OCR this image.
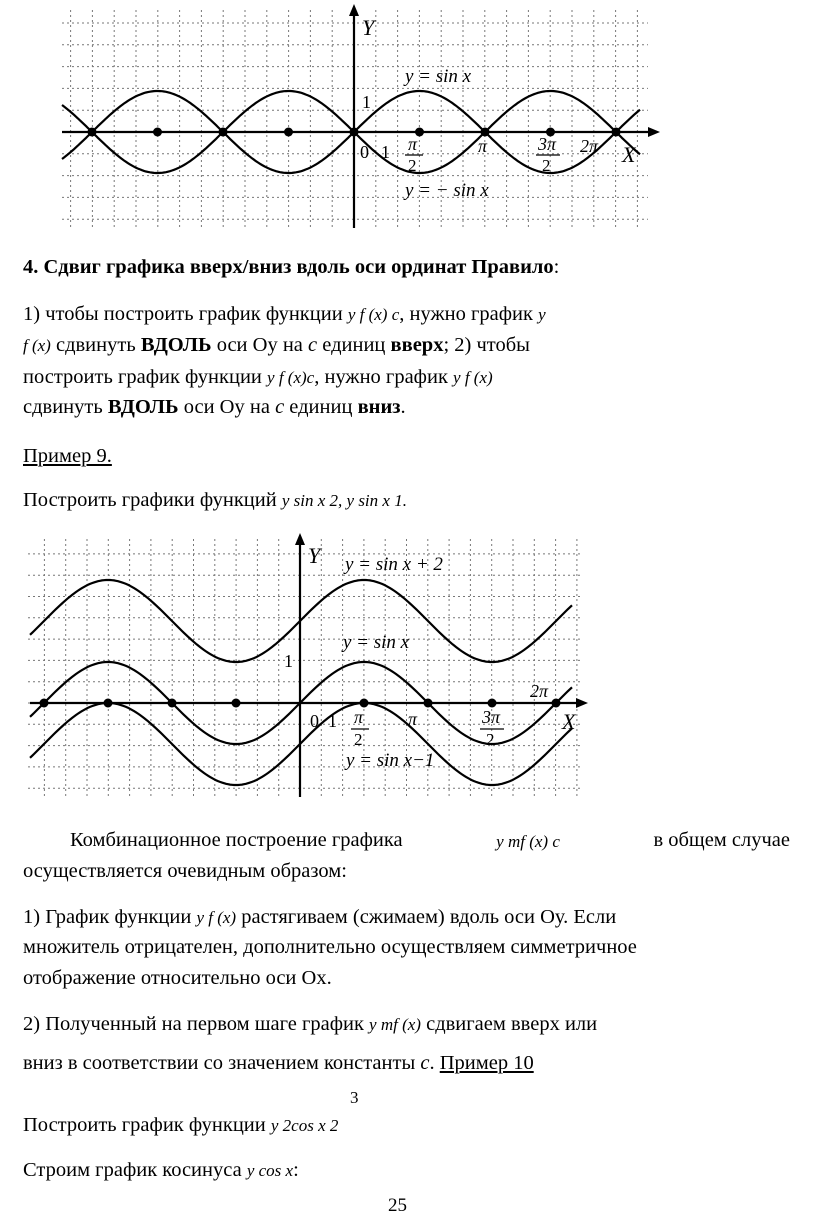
Y
X
y = sin x
y = − sin x
1
0 1 π
2
π	3π
2
2π
4. Сдвиг графика вверх/вниз вдоль оси ординат Правило:
1) чтобы построить график функции y f (x) c, нужно график y
f (x) сдвинуть ВДОЛЬ оси Оу на c единиц вверх; 2) чтобы
построить график функции y f (x)c, нужно график y f (x)
сдвинуть ВДОЛЬ оси Оу на c единиц вниз.
Пример 9.
Построить графики функций y sin x 2, y sin x 1.
Y
X
y = sin x + 2
y = sin x
y = sin x−1
1
0 1 π
2
π	3π
2
2π
Комбинационное построение графика	y mf (x) c	в общем случае
осуществляется очевидным образом:
1) График функции y f (x) растягиваем (сжимаем) вдоль оси Оу. Если
множитель отрицателен, дополнительно осуществляем симметричное
отображение относительно оси Ох.
2) Полученный на первом шаге график y mf (x) сдвигаем вверх или
вниз в соответствии со значением константы c. Пример 10
3
Построить график функции y 2cos x 2
Строим график косинуса y cos x:
25
